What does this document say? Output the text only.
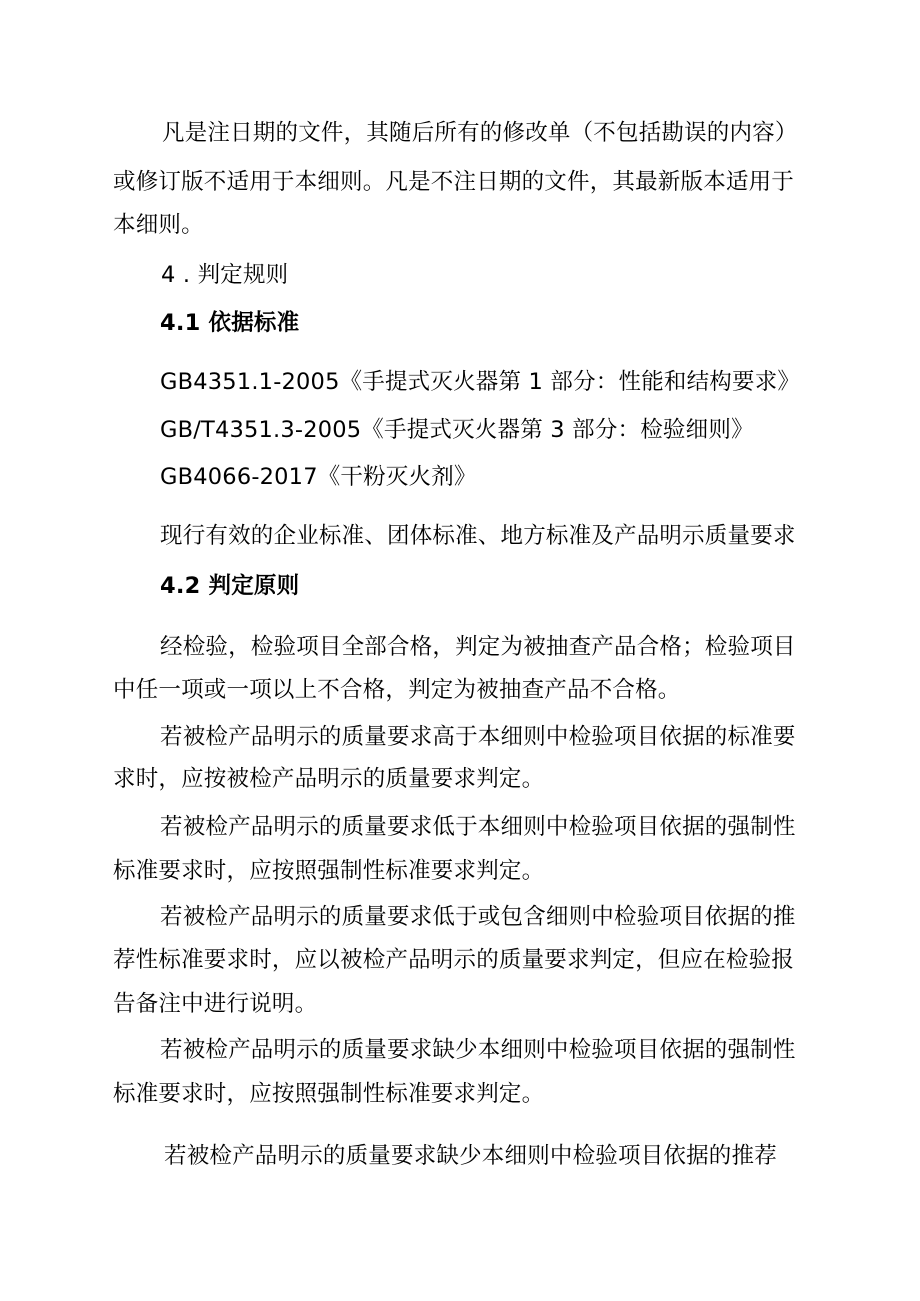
凡是注日期的文件，其随后所有的修改单（不包括勘误的内容）
或修订版不适用于本细则。凡是不注日期的文件，其最新版本适用于
本细则。
4 . 判定规则
4.1 依据标准
GB4351.1-2005《手提式灭火器第 1 部分：性能和结构要求》
GB/T4351.3-2005《手提式灭火器第 3 部分：检验细则》
GB4066-2017《干粉灭火剂》
现行有效的企业标准、团体标准、地方标准及产品明示质量要求
4.2 判定原则
经检验，检验项目全部合格，判定为被抽查产品合格；检验项目
中任一项或一项以上不合格，判定为被抽查产品不合格。
若被检产品明示的质量要求高于本细则中检验项目依据的标准要
求时，应按被检产品明示的质量要求判定。
若被检产品明示的质量要求低于本细则中检验项目依据的强制性
标准要求时，应按照强制性标准要求判定。
若被检产品明示的质量要求低于或包含细则中检验项目依据的推
荐性标准要求时，应以被检产品明示的质量要求判定，但应在检验报
告备注中进行说明。
若被检产品明示的质量要求缺少本细则中检验项目依据的强制性
标准要求时，应按照强制性标准要求判定。
若被检产品明示的质量要求缺少本细则中检验项目依据的推荐
